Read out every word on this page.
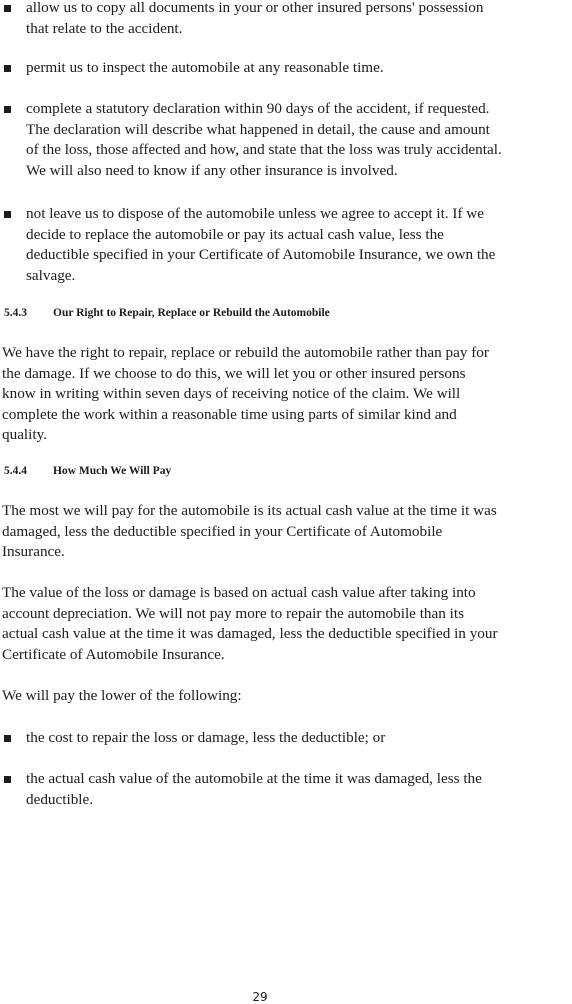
allow us to copy all documents in your or other insured persons' possession
that relate to the accident.
permit us to inspect the automobile at any reasonable time.
complete a statutory declaration within 90 days of the accident, if requested.
The declaration will describe what happened in detail, the cause and amount
of the loss, those affected and how, and state that the loss was truly accidental.
We will also need to know if any other insurance is involved.
not leave us to dispose of the automobile unless we agree to accept it. If we
decide to replace the automobile or pay its actual cash value, less the
deductible specified in your Certificate of Automobile Insurance, we own the
salvage.
5.4.3 Our Right to Repair, Replace or Rebuild the Automobile
We have the right to repair, replace or rebuild the automobile rather than pay for
the damage. If we choose to do this, we will let you or other insured persons
know in writing within seven days of receiving notice of the claim. We will
complete the work within a reasonable time using parts of similar kind and
quality.
5.4.4 How Much We Will Pay
The most we will pay for the automobile is its actual cash value at the time it was
damaged, less the deductible specified in your Certificate of Automobile
Insurance.
The value of the loss or damage is based on actual cash value after taking into
account depreciation. We will not pay more to repair the automobile than its
actual cash value at the time it was damaged, less the deductible specified in your
Certificate of Automobile Insurance.
We will pay the lower of the following:
the cost to repair the loss or damage, less the deductible; or
the actual cash value of the automobile at the time it was damaged, less the
deductible.
29
